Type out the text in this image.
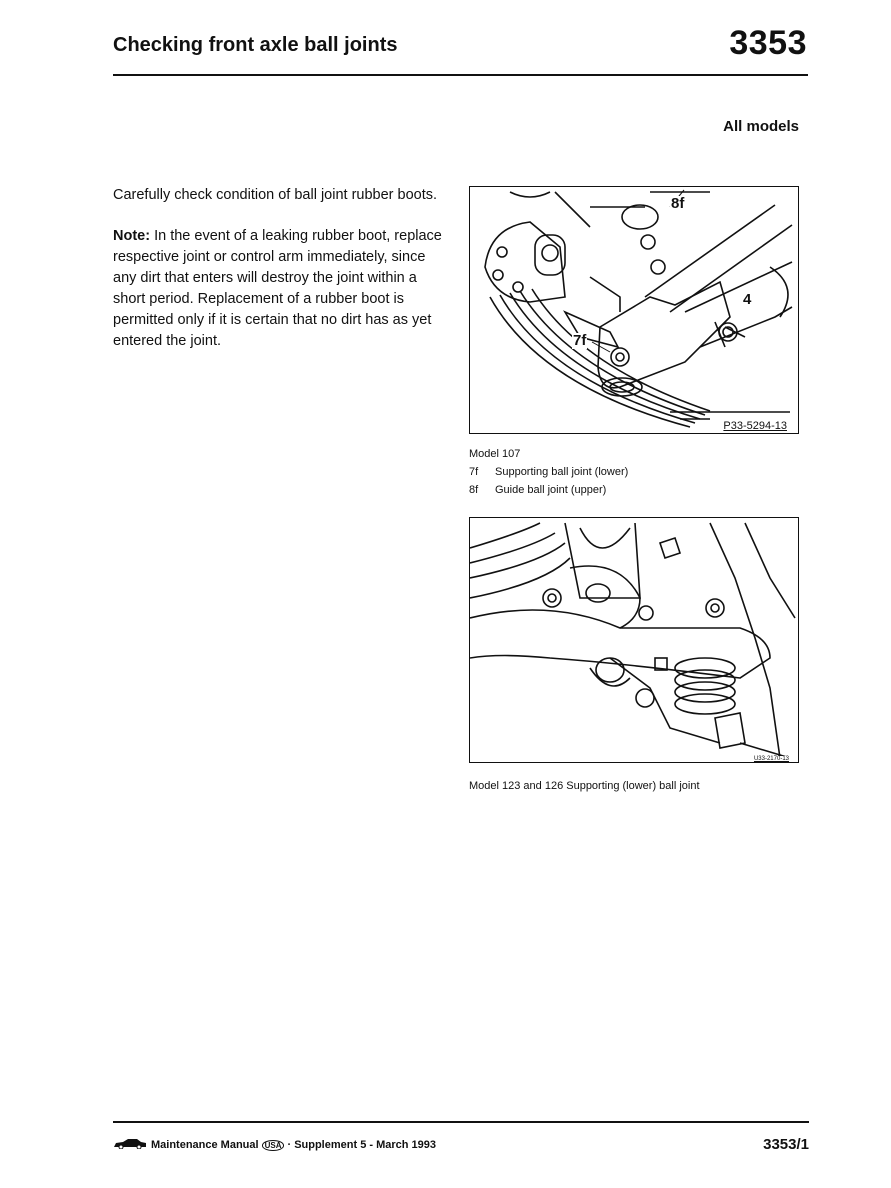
Checking front axle ball joints	3353
All models

Carefully check condition of ball joint rubber boots.

Note: In the event of a leaking rubber boot, replace respective joint or control arm immediately, since any dirt that enters will destroy the joint within a short period. Replacement of a rubber boot is permitted only if it is certain that no dirt has as yet entered the joint.

8f
7f
4
P33-5294-13
Model 107
7f Supporting ball joint (lower)
8f Guide ball joint (upper)
U33-2170-13
Model 123 and 126 Supporting (lower) ball joint
Maintenance Manual USA · Supplement 5 - March 1993	3353/1
